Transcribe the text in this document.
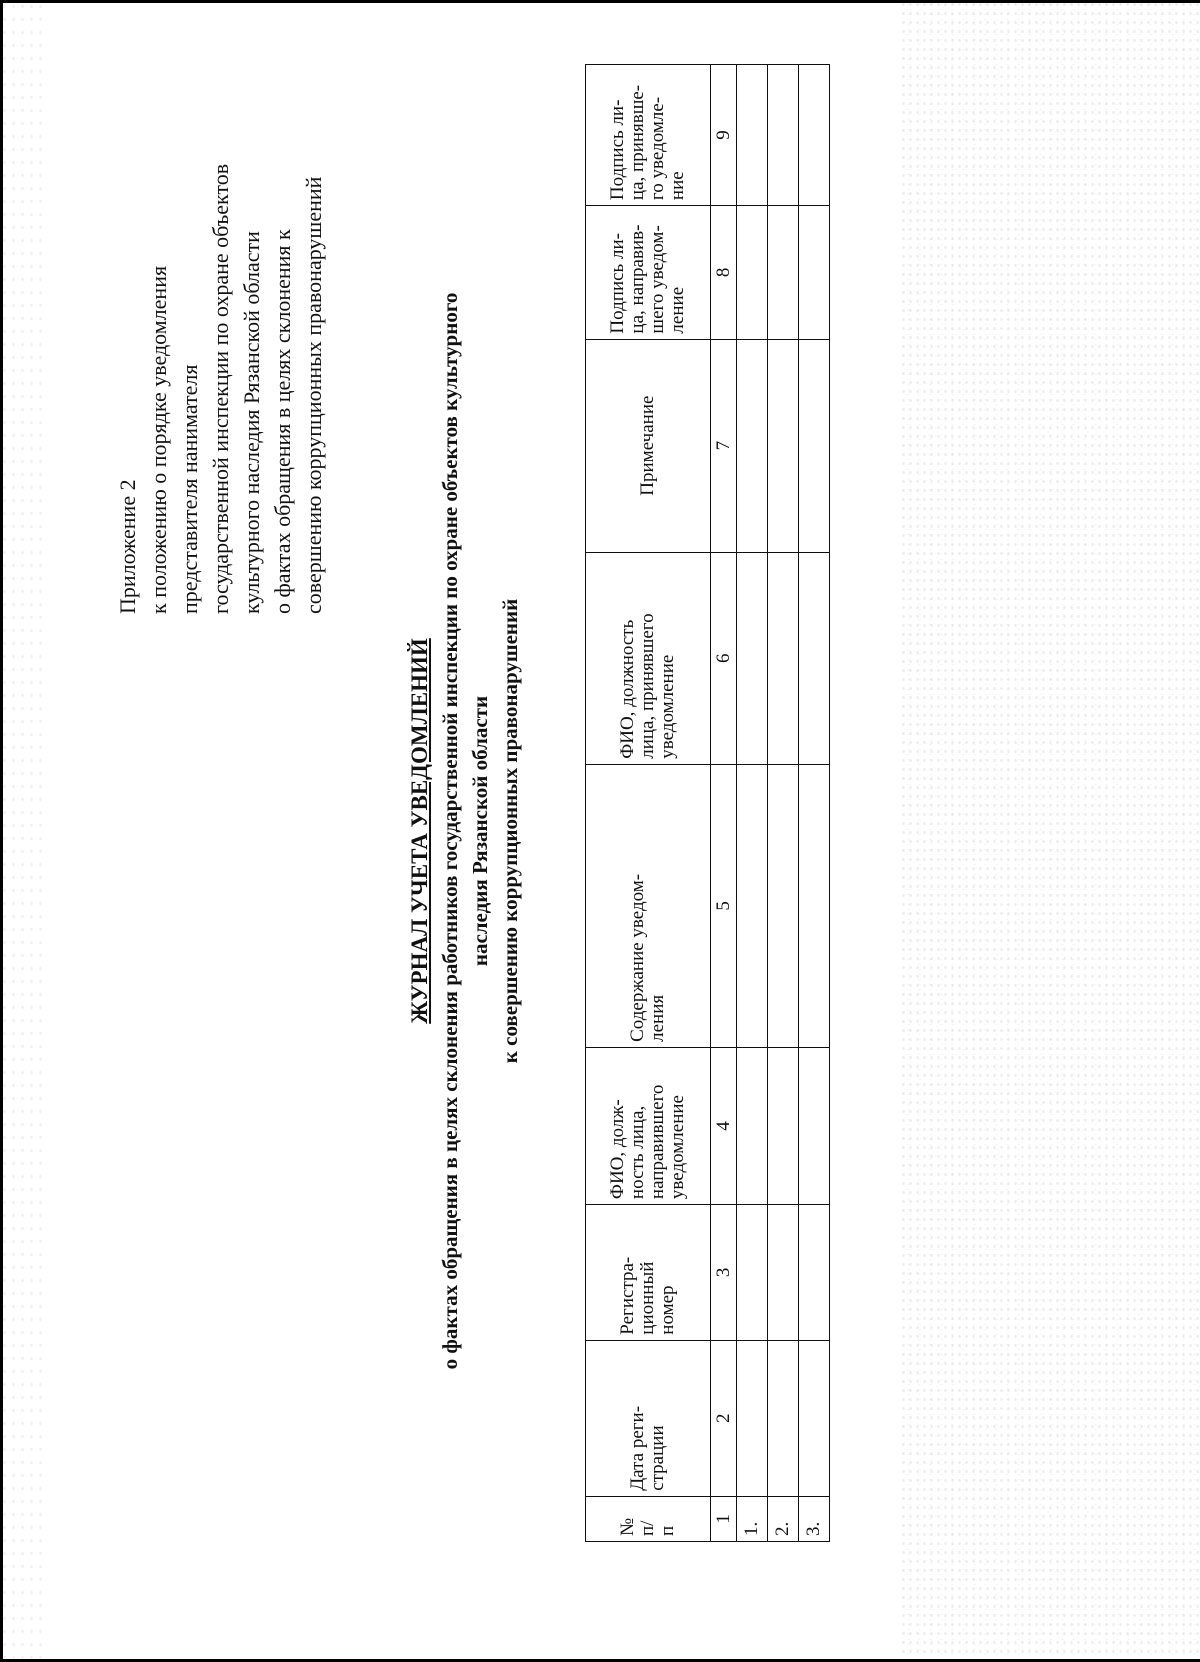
Приложение 2 к положению о порядке уведомления представителя нанимателя государственной инспекции по охране объектов культурного наследия Рязанской области о фактах обращения в целях склонения к совершению коррупционных правонарушений
ЖУРНАЛ УЧЕТА УВЕДОМЛЕНИЙ о фактах обращения в целях склонения работников государственной инспекции по охране объектов культурного наследия Рязанской области к совершению коррупционных правонарушений
№ п/ п	Дата реги- страции	Регистра- ционный номер	ФИО, долж- ность лица, направившего уведомление	Содержание уведом- ления	ФИО, должность лица, принявшего уведомление	Примечание	Подпись ли- ца, направив- шего уведом- ление	Подпись ли- ца, принявше- го уведомле- ние

1	2	3	4	5	6	7	8	9
1.								
2.								
3.								
